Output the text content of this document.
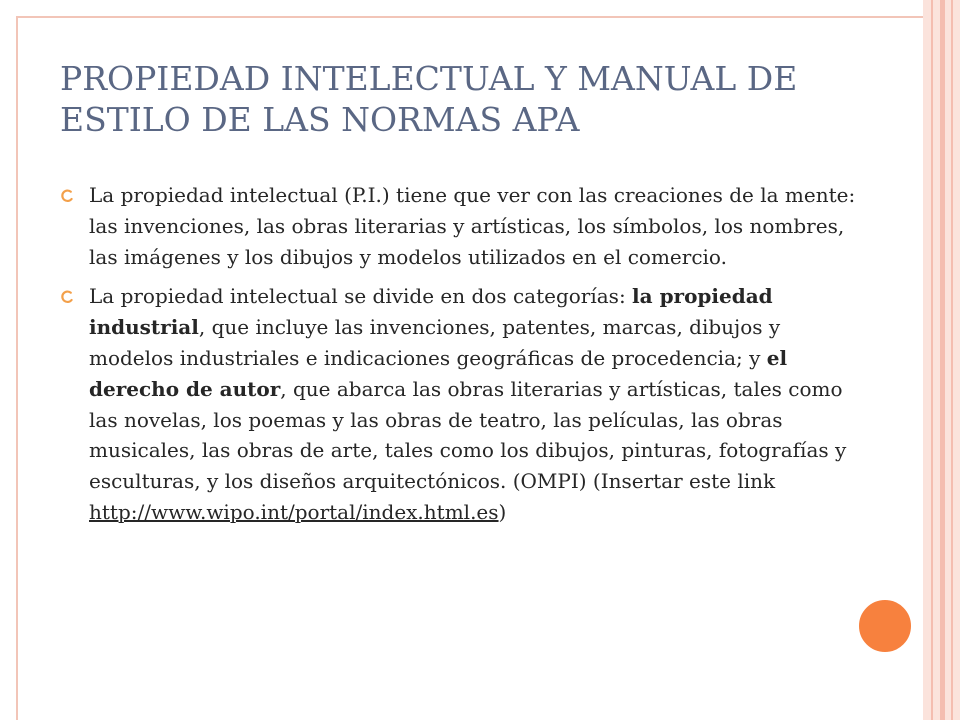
PROPIEDAD INTELECTUAL Y MANUAL DE ESTILO DE LAS NORMAS APA
La propiedad intelectual (P.I.) tiene que ver con las creaciones de la mente: las invenciones, las obras literarias y artísticas, los símbolos, los nombres, las imágenes y los dibujos y modelos utilizados en el comercio.
La propiedad intelectual se divide en dos categorías: la propiedad industrial, que incluye las invenciones, patentes, marcas, dibujos y modelos industriales e indicaciones geográficas de procedencia; y el derecho de autor, que abarca las obras literarias y artísticas, tales como las novelas, los poemas y las obras de teatro, las películas, las obras musicales, las obras de arte, tales como los dibujos, pinturas, fotografías y esculturas, y los diseños arquitectónicos. (OMPI) (Insertar este link http://www.wipo.int/portal/index.html.es)
